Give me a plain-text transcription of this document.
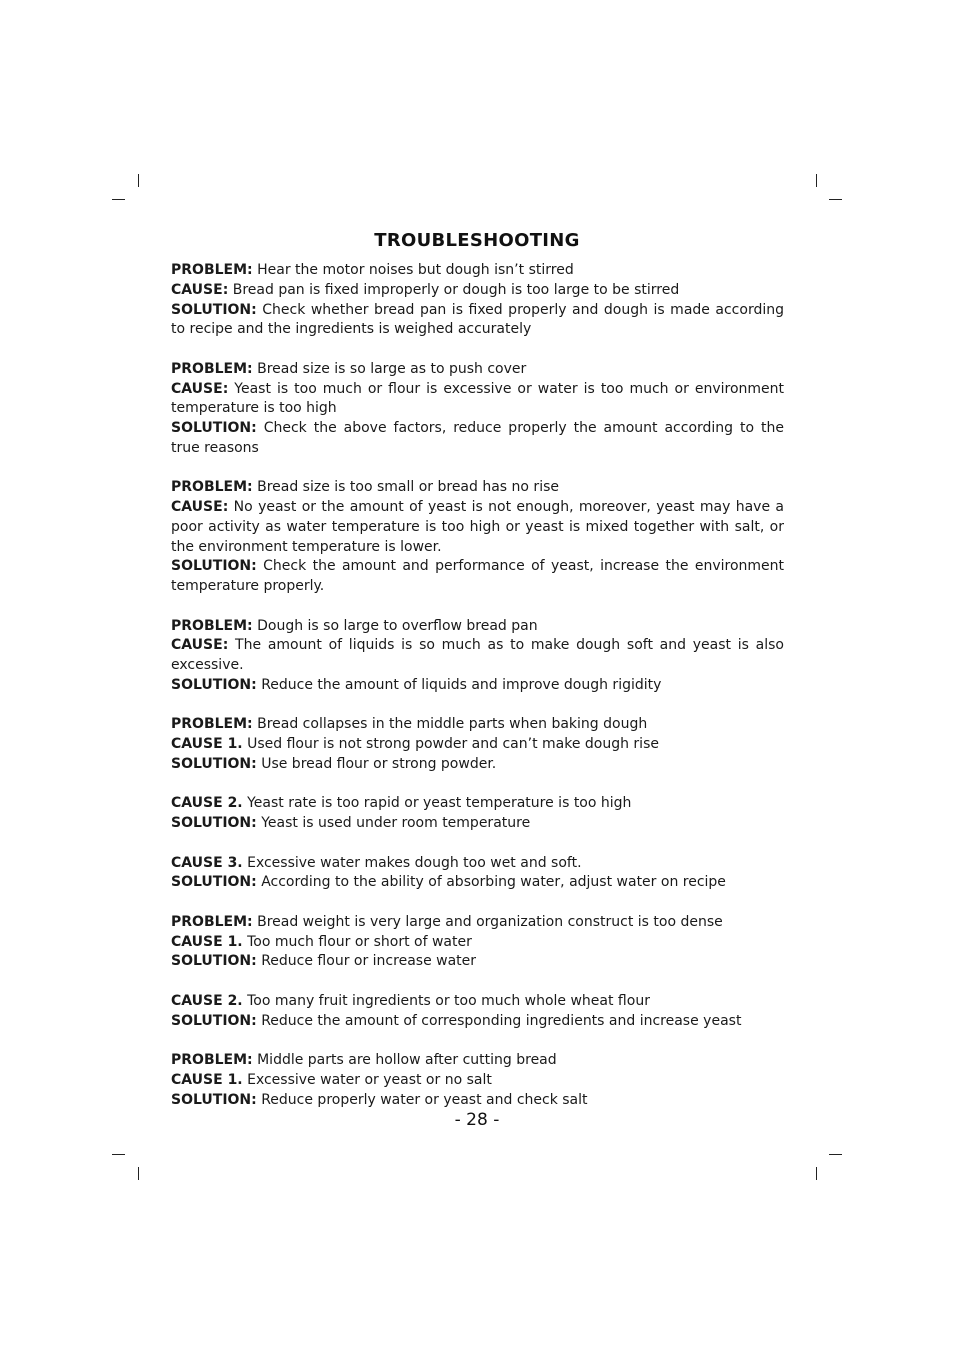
TROUBLESHOOTING
PROBLEM: Hear the motor noises but dough isn’t stirred
CAUSE: Bread pan is fixed improperly or dough is too large to be stirred
SOLUTION: Check whether bread pan is fixed properly and dough is made according to recipe and the ingredients is weighed accurately
PROBLEM: Bread size is so large as to push cover
CAUSE: Yeast is too much or flour is excessive or water is too much or environment temperature is too high
SOLUTION: Check the above factors, reduce properly the amount according to the true reasons
PROBLEM: Bread size is too small or bread has no rise
CAUSE: No yeast or the amount of yeast is not enough, moreover, yeast may have a poor activity as water temperature is too high or yeast is mixed together with salt, or the environment temperature is lower.
SOLUTION: Check the amount and performance of yeast, increase the environment temperature properly.
PROBLEM: Dough is so large to overflow bread pan
CAUSE: The amount of liquids is so much as to make dough soft and yeast is also excessive.
SOLUTION: Reduce the amount of liquids and improve dough rigidity
PROBLEM: Bread collapses in the middle parts when baking dough
CAUSE 1. Used flour is not strong powder and can’t make dough rise
SOLUTION: Use bread flour or strong powder.
CAUSE 2. Yeast rate is too rapid or yeast temperature is too high
SOLUTION: Yeast is used under room temperature
CAUSE 3. Excessive water makes dough too wet and soft.
SOLUTION: According to the ability of absorbing water, adjust water on recipe
PROBLEM: Bread weight is very large and organization construct is too dense
CAUSE 1. Too much flour or short of water
SOLUTION: Reduce flour or increase water
CAUSE 2. Too many fruit ingredients or too much whole wheat flour
SOLUTION: Reduce the amount of corresponding ingredients and increase yeast
PROBLEM: Middle parts are hollow after cutting bread
CAUSE 1. Excessive water or yeast or no salt
SOLUTION: Reduce properly water or yeast and check salt
- 28 -
